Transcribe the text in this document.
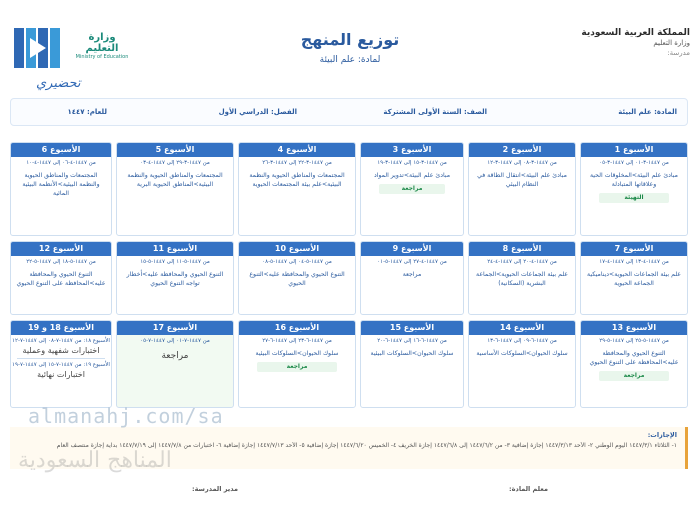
المملكة العربية السعودية
وزارة التعليم
مدرسة:
توزيع المنهج
لمادة: علم البيئة
وزارة التعليم
Ministry of Education
تحضيري
المادة: علم البيئة
الصف: السنة الأولى المشتركة
الفصل: الدراسي الأول
للعام: ١٤٤٧
الأسبوع 1
من ١٤٤٧-٣-٠١ إلى ١٤٤٧-٣-٠٥
مبادئ علم البيئة>المخلوقات الحية وعلاقاتها المتبادلة
التهيئة
الأسبوع 2
من ١٤٤٧-٣-٠٨ إلى ١٤٤٧-٣-١٢
مبادئ علم البيئة>انتقال الطاقة في النظام البيئي
الأسبوع 3
من ١٤٤٧-٣-١٥ إلى ١٤٤٧-٣-١٩
مبادئ علم البيئة>تدوير المواد
مراجعة
الأسبوع 4
من ١٤٤٧-٣-٢٢ إلى ١٤٤٧-٣-٢٦
المجتمعات والمناطق الحيوية والنظمة البيئية>علم بيئة المجتمعات الحيوية
الأسبوع 5
من ١٤٤٧-٣-٢٩ إلى ١٤٤٧-٤-٠٣
المجتمعات والمناطق الحيوية والنظمة البيئية>المناطق الحيوية البرية
الأسبوع 6
من ١٤٤٧-٤-٠٦ إلى ١٤٤٧-٤-١٠
المجتمعات والمناطق الحيوية والنظمة البيئية>الأنظمة البيئية المائية
الأسبوع 7
من ١٤٤٧-٤-١٣ إلى ١٤٤٧-٤-١٧
علم بيئة الجماعات الحيوية>ديناميكية الجماعة الحيوية
الأسبوع 8
من ١٤٤٧-٤-٢٠ إلى ١٤٤٧-٤-٢٤
علم بيئة الجماعات الحيوية>الجماعة البشرية (السكانية)
الأسبوع 9
من ١٤٤٧-٤-٢٧ إلى ١٤٤٧-٥-٠١
مراجعة
الأسبوع 10
من ١٤٤٧-٥-٠٤ إلى ١٤٤٧-٥-٠٨
التنوع الحيوي والمحافظة عليه>التنوع الحيوي
الأسبوع 11
من ١٤٤٧-٥-١١ إلى ١٤٤٧-٥-١٥
التنوع الحيوي والمحافظة عليه>أخطار تواجه التنوع الحيوي
الأسبوع 12
من ١٤٤٧-٥-١٨ إلى ١٤٤٧-٥-٢٢
التنوع الحيوي والمحافظة عليه>المحافظة على التنوع الحيوي
الأسبوع 13
من ١٤٤٧-٥-٢٥ إلى ١٤٤٧-٥-٢٩
التنوع الحيوي والمحافظة عليه>المحافظة على التنوع الحيوي
مراجعة
الأسبوع 14
من ١٤٤٧-٦-٠٩ إلى ١٤٤٧-٦-١٣
سلوك الحيوان>السلوكات الأساسية
الأسبوع 15
من ١٤٤٧-٦-١٦ إلى ١٤٤٧-٦-٢٠
سلوك الحيوان>السلوكات البيئية
الأسبوع 16
من ١٤٤٧-٦-٢٣ إلى ١٤٤٧-٦-٢٧
سلوك الحيوان>السلوكات البيئية
مراجعة
الأسبوع 17
من ١٤٤٧-٧-٠١ إلى ١٤٤٧-٧-٠٥
مراجعة
الأسبوع 18 و 19
الأسبوع ١٨: من ١٤٤٧-٧-٠٨ إلى ١٤٤٧-٧-١٢
اختبارات شفهية وعملية
الأسبوع ١٩: من ١٤٤٧-٧-١٥ إلى ١٤٤٧-٧-١٩
اختبارات نهائية
الإجازات:
١- الثلاثاء ١٤٤٧/٣/١ اليوم الوطني ٢- الأحد ١٤٤٧/٣/١٣ إجازة إضافية ٣- من ١٤٤٧/٦/٢ إلى ١٤٤٧/٦/٨ إجازة الخريف ٤- الخميس ١٤٤٧/٦/٢٠ إجازة إضافية ٥- الأحد ١٤٤٧/٧/١٣ إجازة إضافية ٦- اختبارات من ١٤٤٧/٧/٨ إلى ١٤٤٧/٧/١٩ بداية إجازة منتصف العام
almanahj.com/sa
المناهج السعودية
معلم المادة:
مدير المدرسة:
